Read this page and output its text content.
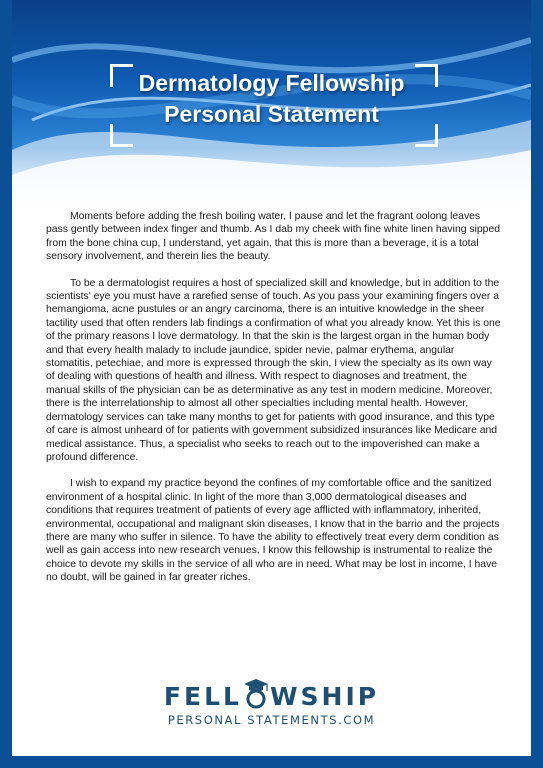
Dermatology Fellowship
Personal Statement

Moments before adding the fresh boiling water, I pause and let the fragrant oolong leaves pass gently between index finger and thumb. As I dab my cheek with fine white linen having sipped from the bone china cup, I understand, yet again, that this is more than a beverage, it is a total sensory involvement, and therein lies the beauty.

To be a dermatologist requires a host of specialized skill and knowledge, but in addition to the scientists' eye you must have a rarefied sense of touch. As you pass your examining fingers over a hemangioma, acne pustules or an angry carcinoma, there is an intuitive knowledge in the sheer tactility used that often renders lab findings a confirmation of what you already know. Yet this is one of the primary reasons I love dermatology. In that the skin is the largest organ in the human body and that every health malady to include jaundice, spider nevie, palmar erythema, angular stomatitis, petechiae, and more is expressed through the skin, I view the specialty as its own way of dealing with questions of health and illness. With respect to diagnoses and treatment, the manual skills of the physician can be as determinative as any test in modern medicine. Moreover, there is the interrelationship to almost all other specialties including mental health. However, dermatology services can take many months to get for patients with good insurance, and this type of care is almost unheard of for patients with government subsidized insurances like Medicare and medical assistance. Thus, a specialist who seeks to reach out to the impoverished can make a profound difference.

I wish to expand my practice beyond the confines of my comfortable office and the sanitized environment of a hospital clinic. In light of the more than 3,000 dermatological diseases and conditions that requires treatment of patients of every age afflicted with inflammatory, inherited, environmental, occupational and malignant skin diseases, I know that in the barrio and the projects there are many who suffer in silence. To have the ability to effectively treat every derm condition as well as gain access into new research venues, I know this fellowship is instrumental to realize the choice to devote my skills in the service of all who are in need. What may be lost in income, I have no doubt, will be gained in far greater riches.

FELL WSHIP
PERSONAL STATEMENTS.COM
